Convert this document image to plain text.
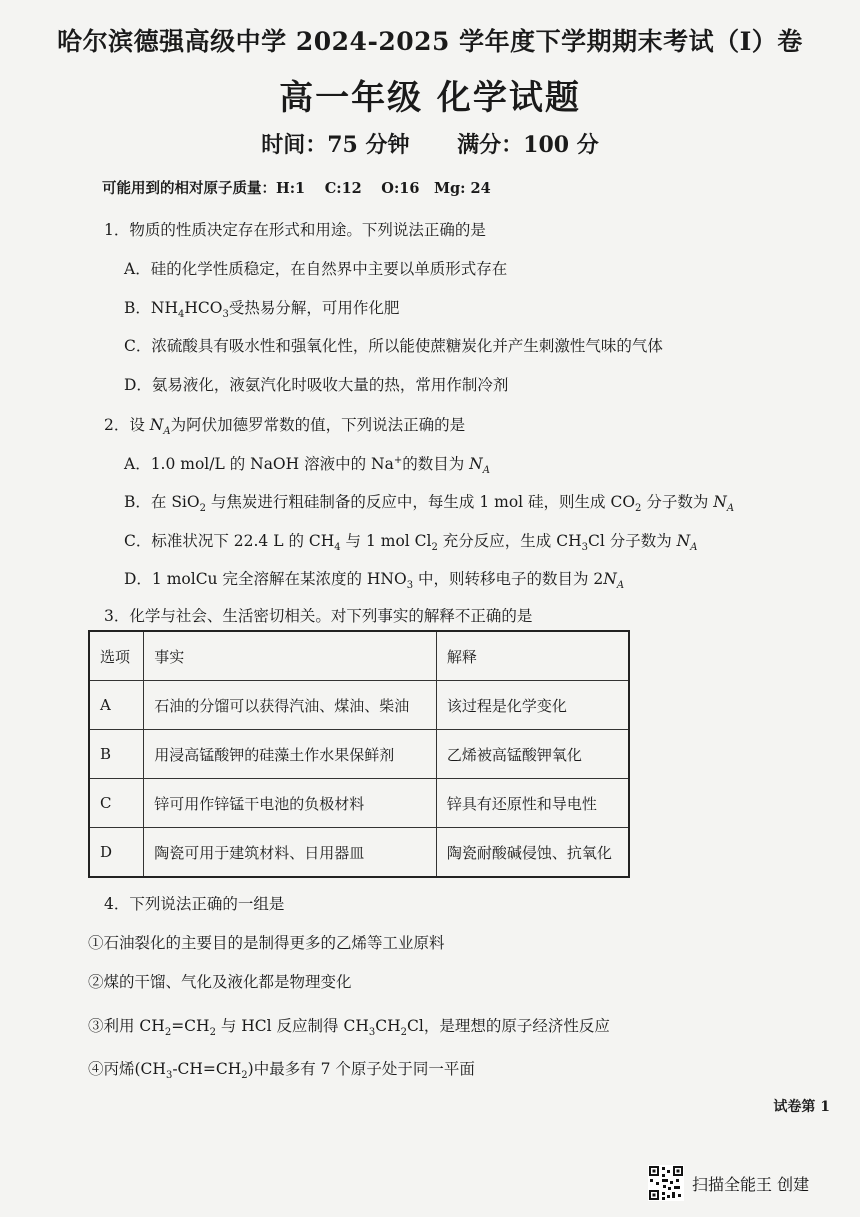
哈尔滨德强高级中学 2024-2025 学年度下学期期末考试（I）卷
高一年级 化学试题
时间：75 分钟 满分：100 分
可能用到的相对原子质量：H:1　 C:12　 O:16　Mg: 24
1．物质的性质决定存在形式和用途。下列说法正确的是
A．硅的化学性质稳定，在自然界中主要以单质形式存在
B．$NH_4HCO_3$受热易分解，可用作化肥
C．浓硫酸具有吸水性和强氧化性，所以能使蔗糖炭化并产生刺激性气味的气体
D．氨易液化，液氨汽化时吸收大量的热，常用作制冷剂
2．设 $N_A$为阿伏加德罗常数的值，下列说法正确的是
A．1.0 mol/L 的 NaOH 溶液中的 Na+的数目为 $N_A$
B．在 SiO$_2$ 与焦炭进行粗硅制备的反应中，每生成 1 mol 硅，则生成 $CO_2$ 分子数为 $N_A$
C．标准状况下 22.4 L 的 $CH_4$ 与 1 mol $Cl_2$ 充分反应，生成 $CH_3Cl$ 分子数为 $N_A$
D．1 molCu 完全溶解在某浓度的 $HNO_3$ 中，则转移电子的数目为 $2N_A$
3．化学与社会、生活密切相关。对下列事实的解释不正确的是
选项	事实	解释
A	石油的分馏可以获得汽油、煤油、柴油	该过程是化学变化
B	用浸高锰酸钾的硅藻土作水果保鲜剂	乙烯被高锰酸钾氧化
C	锌可用作锌锰干电池的负极材料	锌具有还原性和导电性
D	陶瓷可用于建筑材料、日用器皿	陶瓷耐酸碱侵蚀、抗氧化
4．下列说法正确的一组是
①石油裂化的主要目的是制得更多的乙烯等工业原料
②煤的干馏、气化及液化都是物理变化
③利用 $CH_2=CH_2$ 与 HCl 反应制得 $CH_3CH_2Cl$，是理想的原子经济性反应
④丙烯$(CH_3-CH=CH_2)$中最多有 7 个原子处于同一平面
试卷第 1
扫描全能王 创建
